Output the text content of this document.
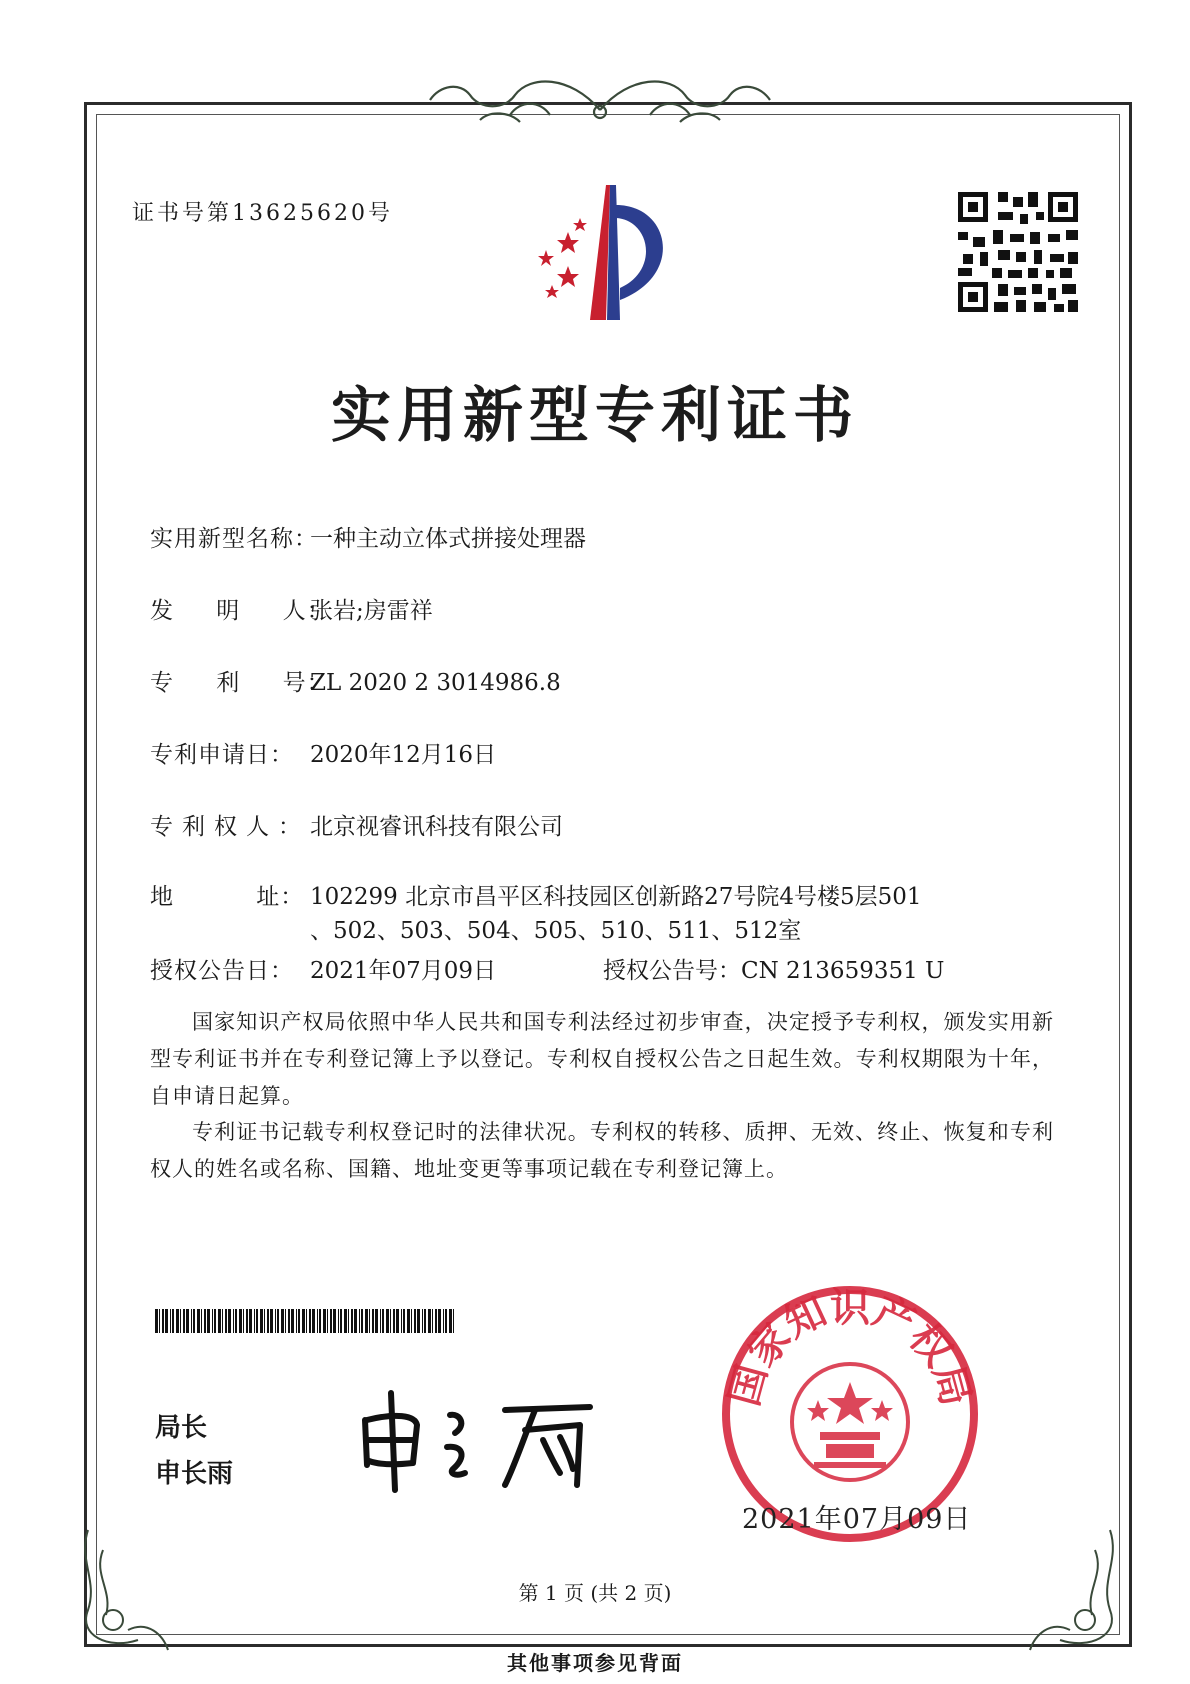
证书号第13625620号
实用新型专利证书
实用新型名称：一种主动立体式拼接处理器
发 明 人：张岩;房雷祥
专 利 号：ZL 2020 2 3014986.8
专利申请日： 2020年12月16日
专利权人：北京视睿讯科技有限公司
地 址： 102299 北京市昌平区科技园区创新路27号院4号楼5层501
、502、503、504、505、510、511、512室
授权公告日： 2021年07月09日	授权公告号：CN 213659351 U
国家知识产权局依照中华人民共和国专利法经过初步审查，决定授予专利权，颁发实用新型专利证书并在专利登记簿上予以登记。专利权自授权公告之日起生效。专利权期限为十年，自申请日起算。
专利证书记载专利权登记时的法律状况。专利权的转移、质押、无效、终止、恢复和专利权人的姓名或名称、国籍、地址变更等事项记载在专利登记簿上。
局长
申长雨
国家知识产权局
2021年07月09日
第 1 页 (共 2 页)
其他事项参见背面
